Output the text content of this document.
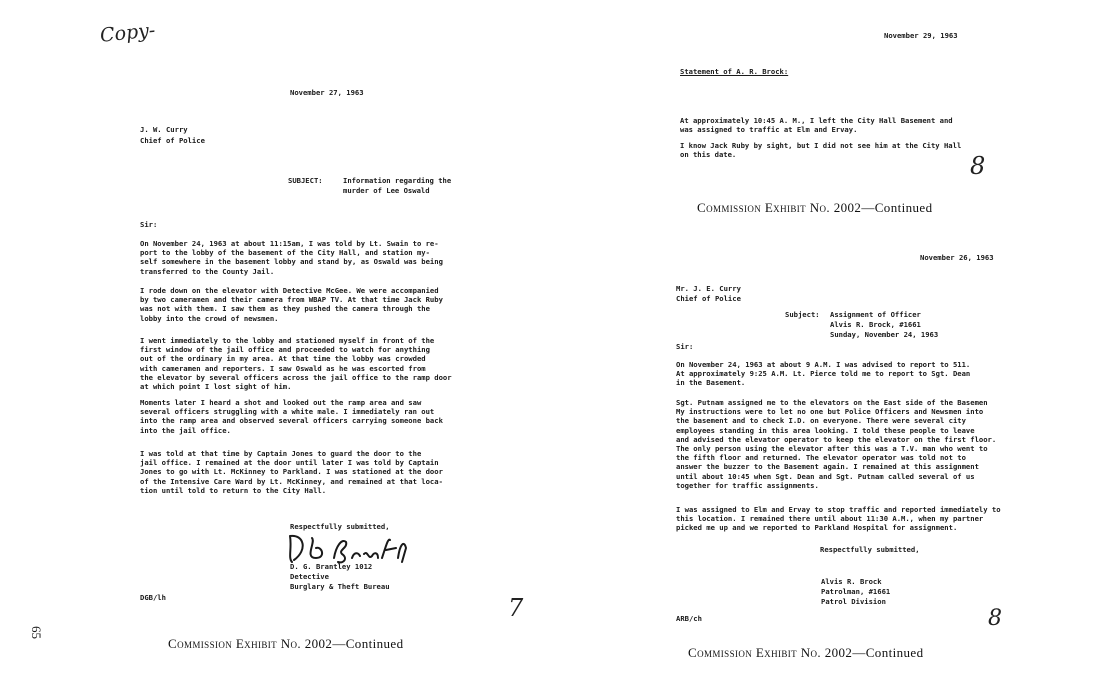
Copy-
November 27, 1963
J. W. Curry
Chief of Police
SUBJECT:	Information regarding the
murder of Lee Oswald
Sir:
On November 24, 1963 at about 11:15am, I was told by Lt. Swain to re-
port to the lobby of the basement of the City Hall, and station my-
self somewhere in the basement lobby and stand by, as Oswald was being
transferred to the County Jail.
I rode down on the elevator with Detective McGee. We were accompanied
by two cameramen and their camera from WBAP TV. At that time Jack Ruby
was not with them. I saw them as they pushed the camera through the
lobby into the crowd of newsmen.
I went immediately to the lobby and stationed myself in front of the
first window of the jail office and proceeded to watch for anything
out of the ordinary in my area. At that time the lobby was crowded
with cameramen and reporters. I saw Oswald as he was escorted from
the elevator by several officers across the jail office to the ramp door
at which point I lost sight of him.
Moments later I heard a shot and looked out the ramp area and saw
several officers struggling with a white male. I immediately ran out
into the ramp area and observed several officers carrying someone back
into the jail office.
I was told at that time by Captain Jones to guard the door to the
jail office. I remained at the door until later I was told by Captain
Jones to go with Lt. McKinney to Parkland. I was stationed at the door
of the Intensive Care Ward by Lt. McKinney, and remained at that loca-
tion until told to return to the City Hall.
Respectfully submitted,
D. G. Brantley 1012
Detective
Burglary & Theft Bureau
DGB/lh	7
Commission Exhibit No. 2002—Continued
65
November 29, 1963
Statement of A. R. Brock:
At approximately 10:45 A. M., I left the City Hall Basement and
was assigned to traffic at Elm and Ervay.
I know Jack Ruby by sight, but I did not see him at the City Hall
on this date.	8
Commission Exhibit No. 2002—Continued
November 26, 1963
Mr. J. E. Curry
Chief of Police
Subject: Assignment of Officer
Alvis R. Brock, #1661
Sunday, November 24, 1963
Sir:
On November 24, 1963 at about 9 A.M. I was advised to report to 511.
At approximately 9:25 A.M. Lt. Pierce told me to report to Sgt. Dean
in the Basement.
Sgt. Putnam assigned me to the elevators on the East side of the Basemen
My instructions were to let no one but Police Officers and Newsmen into
the basement and to check I.D. on everyone. There were several city
employees standing in this area looking. I told these people to leave
and advised the elevator operator to keep the elevator on the first floor.
The only person using the elevator after this was a T.V. man who went to
the fifth floor and returned. The elevator operator was told not to
answer the buzzer to the Basement again. I remained at this assignment
until about 10:45 when Sgt. Dean and Sgt. Putnam called several of us
together for traffic assignments.
I was assigned to Elm and Ervay to stop traffic and reported immediately to
this location. I remained there until about 11:30 A.M., when my partner
picked me up and we reported to Parkland Hospital for assignment.
Respectfully submitted,
Alvis R. Brock
Patrolman, #1661
Patrol Division
ARB/ch	8
Commission Exhibit No. 2002—Continued
